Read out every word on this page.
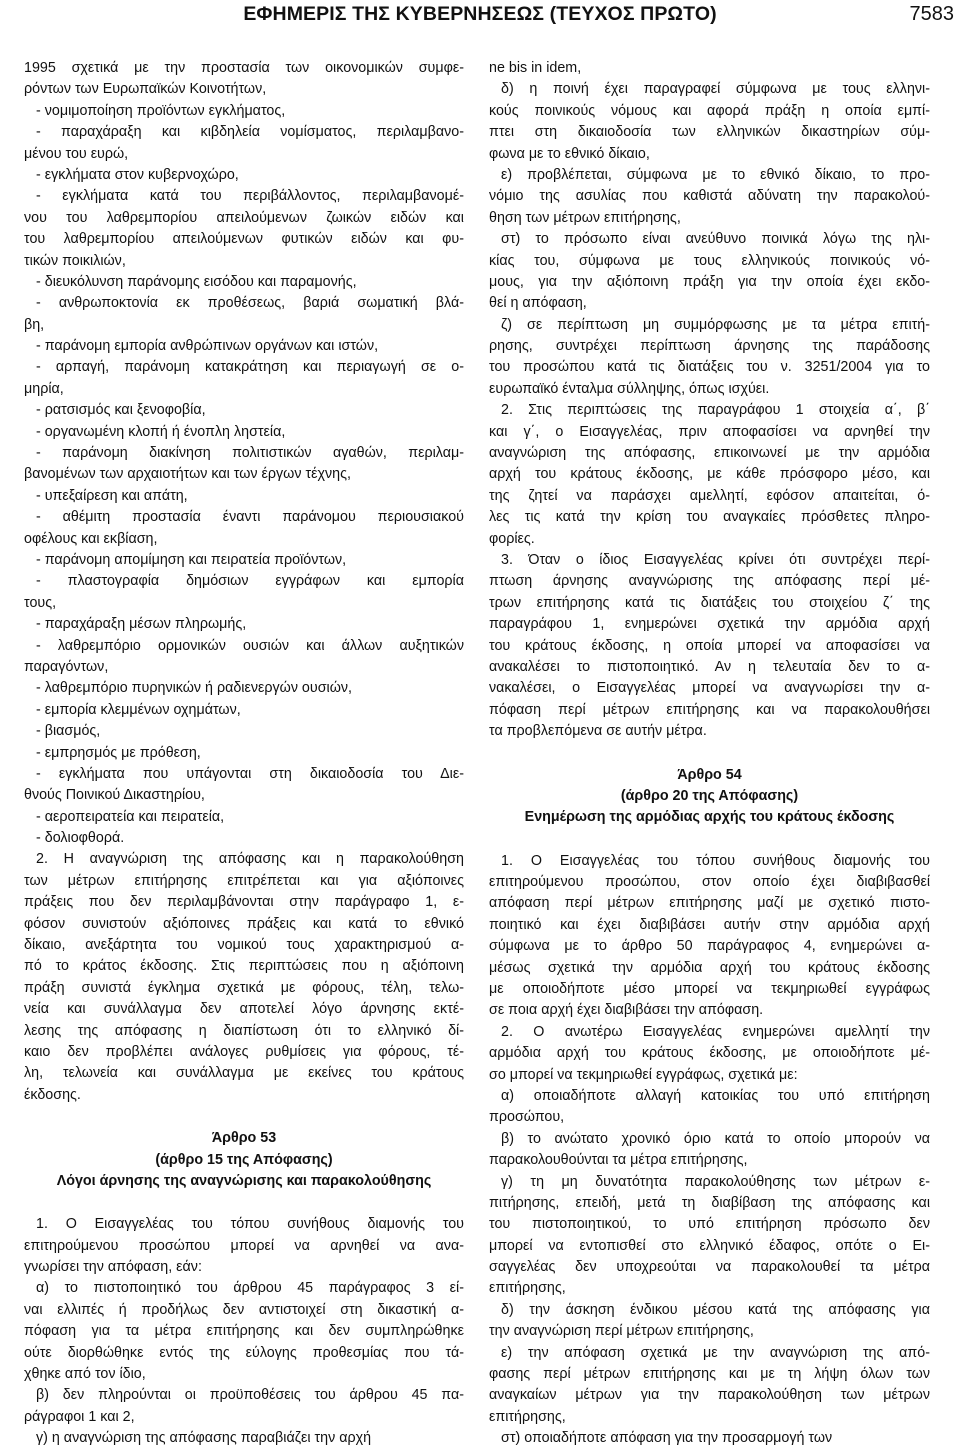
ΕΦΗΜΕΡΙΣ ΤΗΣ ΚΥΒΕΡΝΗΣΕΩΣ (ΤΕΥΧΟΣ ΠΡΩΤΟ)	7583
1995 σχετικά με την προστασία των οικονομικών συμφε-
ρόντων των Ευρωπαϊκών Κοινοτήτων,
- νομιμοποίηση προϊόντων εγκλήματος,
- παραχάραξη και κιβδηλεία νομίσματος, περιλαμβανο-
μένου του ευρώ,
- εγκλήματα στον κυβερνοχώρο,
- εγκλήματα κατά του περιβάλλοντος, περιλαμβανομέ-
νου του λαθρεμπορίου απειλούμενων ζωικών ειδών και
του λαθρεμπορίου απειλούμενων φυτικών ειδών και φυ-
τικών ποικιλιών,
- διευκόλυνση παράνομης εισόδου και παραμονής,
- ανθρωποκτονία εκ προθέσεως, βαριά σωματική βλά-
βη,
- παράνομη εμπορία ανθρώπινων οργάνων και ιστών,
- αρπαγή, παράνομη κατακράτηση και περιαγωγή σε ο-
μηρία,
- ρατσισμός και ξενοφοβία,
- οργανωμένη κλοπή ή ένοπλη ληστεία,
- παράνομη διακίνηση πολιτιστικών αγαθών, περιλαμ-
βανομένων των αρχαιοτήτων και των έργων τέχνης,
- υπεξαίρεση και απάτη,
- αθέμιτη προστασία έναντι παράνομου περιουσιακού
οφέλους και εκβίαση,
- παράνομη απομίμηση και πειρατεία προϊόντων,
- πλαστογραφία δημόσιων εγγράφων και εμπορία
τους,
- παραχάραξη μέσων πληρωμής,
- λαθρεμπόριο ορμονικών ουσιών και άλλων αυξητικών
παραγόντων,
- λαθρεμπόριο πυρηνικών ή ραδιενεργών ουσιών,
- εμπορία κλεμμένων οχημάτων,
- βιασμός,
- εμπρησμός με πρόθεση,
- εγκλήματα που υπάγονται στη δικαιοδοσία του Διε-
θνούς Ποινικού Δικαστηρίου,
- αεροπειρατεία και πειρατεία,
- δολιοφθορά.
2. Η αναγνώριση της απόφασης και η παρακολούθηση
των μέτρων επιτήρησης επιτρέπεται και για αξιόποινες
πράξεις που δεν περιλαμβάνονται στην παράγραφο 1, ε-
φόσον συνιστούν αξιόποινες πράξεις και κατά το εθνικό
δίκαιο, ανεξάρτητα του νομικού τους χαρακτηρισμού α-
πό το κράτος έκδοσης. Στις περιπτώσεις που η αξιόποινη
πράξη συνιστά έγκλημα σχετικά με φόρους, τέλη, τελω-
νεία και συνάλλαγμα δεν αποτελεί λόγο άρνησης εκτέ-
λεσης της απόφασης η διαπίστωση ότι το ελληνικό δί-
καιο δεν προβλέπει ανάλογες ρυθμίσεις για φόρους, τέ-
λη, τελωνεία και συνάλλαγμα με εκείνες του κράτους
έκδοσης.
Άρθρο 53
(άρθρο 15 της Απόφασης)
Λόγοι άρνησης της αναγνώρισης και παρακολούθησης
1. Ο Εισαγγελέας του τόπου συνήθους διαμονής του
επιτηρούμενου προσώπου μπορεί να αρνηθεί να ανα-
γνωρίσει την απόφαση, εάν:
α) το πιστοποιητικό του άρθρου 45 παράγραφος 3 εί-
ναι ελλιπές ή προδήλως δεν αντιστοιχεί στη δικαστική α-
πόφαση για τα μέτρα επιτήρησης και δεν συμπληρώθηκε
ούτε διορθώθηκε εντός της εύλογης προθεσμίας που τά-
χθηκε από τον ίδιο,
β) δεν πληρούνται οι προϋποθέσεις του άρθρου 45 πα-
ράγραφοι 1 και 2,
γ) η αναγνώριση της απόφασης παραβιάζει την αρχή
ne bis in idem,
δ) η ποινή έχει παραγραφεί σύμφωνα με τους ελληνι-
κούς ποινικούς νόμους και αφορά πράξη η οποία εμπί-
πτει στη δικαιοδοσία των ελληνικών δικαστηρίων σύμ-
φωνα με το εθνικό δίκαιο,
ε) προβλέπεται, σύμφωνα με το εθνικό δίκαιο, το προ-
νόμιο της ασυλίας που καθιστά αδύνατη την παρακολού-
θηση των μέτρων επιτήρησης,
στ) το πρόσωπο είναι ανεύθυνο ποινικά λόγω της ηλι-
κίας του, σύμφωνα με τους ελληνικούς ποινικούς νό-
μους, για την αξιόποινη πράξη για την οποία έχει εκδο-
θεί η απόφαση,
ζ) σε περίπτωση μη συμμόρφωσης με τα μέτρα επιτή-
ρησης, συντρέχει περίπτωση άρνησης της παράδοσης
του προσώπου κατά τις διατάξεις του ν. 3251/2004 για το
ευρωπαϊκό ένταλμα σύλληψης, όπως ισχύει.
2. Στις περιπτώσεις της παραγράφου 1 στοιχεία α΄, β΄
και γ΄, ο Εισαγγελέας, πριν αποφασίσει να αρνηθεί την
αναγνώριση της απόφασης, επικοινωνεί με την αρμόδια
αρχή του κράτους έκδοσης, με κάθε πρόσφορο μέσο, και
της ζητεί να παράσχει αμελλητί, εφόσον απαιτείται, ό-
λες τις κατά την κρίση του αναγκαίες πρόσθετες πληρο-
φορίες.
3. Όταν ο ίδιος Εισαγγελέας κρίνει ότι συντρέχει περί-
πτωση άρνησης αναγνώρισης της απόφασης περί μέ-
τρων επιτήρησης κατά τις διατάξεις του στοιχείου ζ΄ της
παραγράφου 1, ενημερώνει σχετικά την αρμόδια αρχή
του κράτους έκδοσης, η οποία μπορεί να αποφασίσει να
ανακαλέσει το πιστοποιητικό. Αν η τελευταία δεν το α-
νακαλέσει, ο Εισαγγελέας μπορεί να αναγνωρίσει την α-
πόφαση περί μέτρων επιτήρησης και να παρακολουθήσει
τα προβλεπόμενα σε αυτήν μέτρα.
Άρθρο 54
(άρθρο 20 της Απόφασης)
Ενημέρωση της αρμόδιας αρχής του κράτους έκδοσης
1. Ο Εισαγγελέας του τόπου συνήθους διαμονής του
επιτηρούμενου προσώπου, στον οποίο έχει διαβιβασθεί
απόφαση περί μέτρων επιτήρησης μαζί με σχετικό πιστο-
ποιητικό και έχει διαβιβάσει αυτήν στην αρμόδια αρχή
σύμφωνα με το άρθρο 50 παράγραφος 4, ενημερώνει α-
μέσως σχετικά την αρμόδια αρχή του κράτους έκδοσης
με οποιοδήποτε μέσο μπορεί να τεκμηριωθεί εγγράφως
σε ποια αρχή έχει διαβιβάσει την απόφαση.
2. Ο ανωτέρω Εισαγγελέας ενημερώνει αμελλητί την
αρμόδια αρχή του κράτους έκδοσης, με οποιοδήποτε μέ-
σο μπορεί να τεκμηριωθεί εγγράφως, σχετικά με:
α) οποιαδήποτε αλλαγή κατοικίας του υπό επιτήρηση
προσώπου,
β) το ανώτατο χρονικό όριο κατά το οποίο μπορούν να
παρακολουθούνται τα μέτρα επιτήρησης,
γ) τη μη δυνατότητα παρακολούθησης των μέτρων ε-
πιτήρησης, επειδή, μετά τη διαβίβαση της απόφασης και
του πιστοποιητικού, το υπό επιτήρηση πρόσωπο δεν
μπορεί να εντοπισθεί στο ελληνικό έδαφος, οπότε ο Ει-
σαγγελέας δεν υποχρεούται να παρακολουθεί τα μέτρα
επιτήρησης,
δ) την άσκηση ένδικου μέσου κατά της απόφασης για
την αναγνώριση περί μέτρων επιτήρησης,
ε) την απόφαση σχετικά με την αναγνώριση της από-
φασης περί μέτρων επιτήρησης και με τη λήψη όλων των
αναγκαίων μέτρων για την παρακολούθηση των μέτρων
επιτήρησης,
στ) οποιαδήποτε απόφαση για την προσαρμογή των
